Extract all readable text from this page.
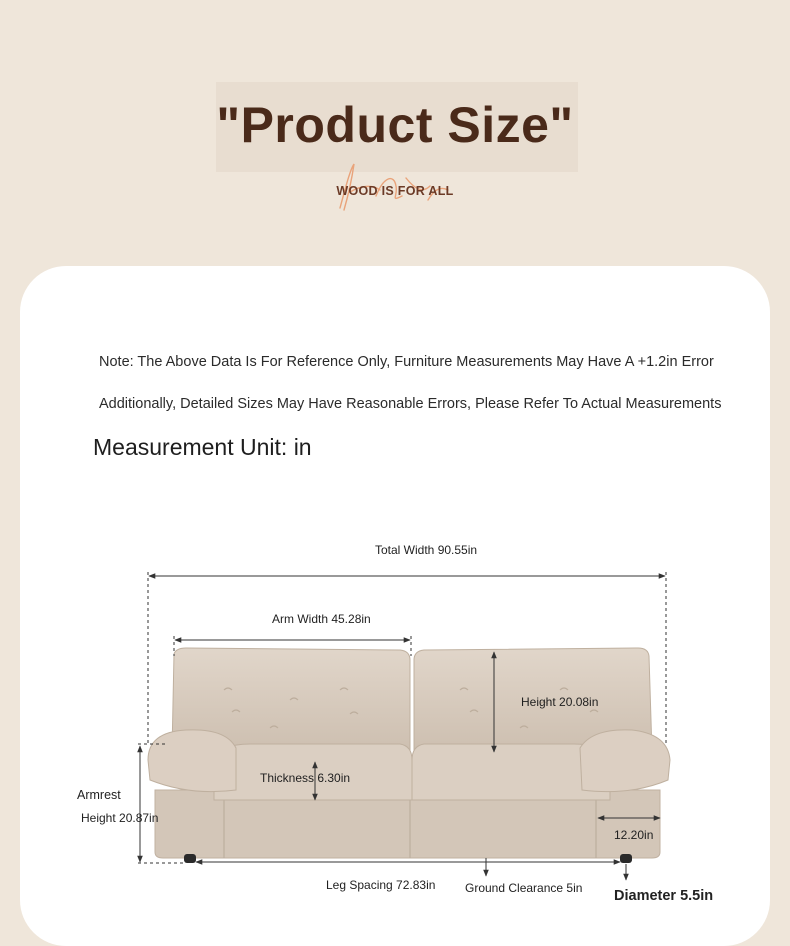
"Product Size"
WOOD IS FOR ALL
Note: The Above Data Is For Reference Only, Furniture Measurements May Have A +1.2in Error
Additionally, Detailed Sizes May Have Reasonable Errors, Please Refer To Actual Measurements
Measurement Unit: in
Total Width 90.55in
Arm Width 45.28in
Height 20.08in
Thickness 6.30in
Armrest
Height 20.87in
12.20in
Leg Spacing 72.83in Ground Clearance 5in Diameter 5.5in
